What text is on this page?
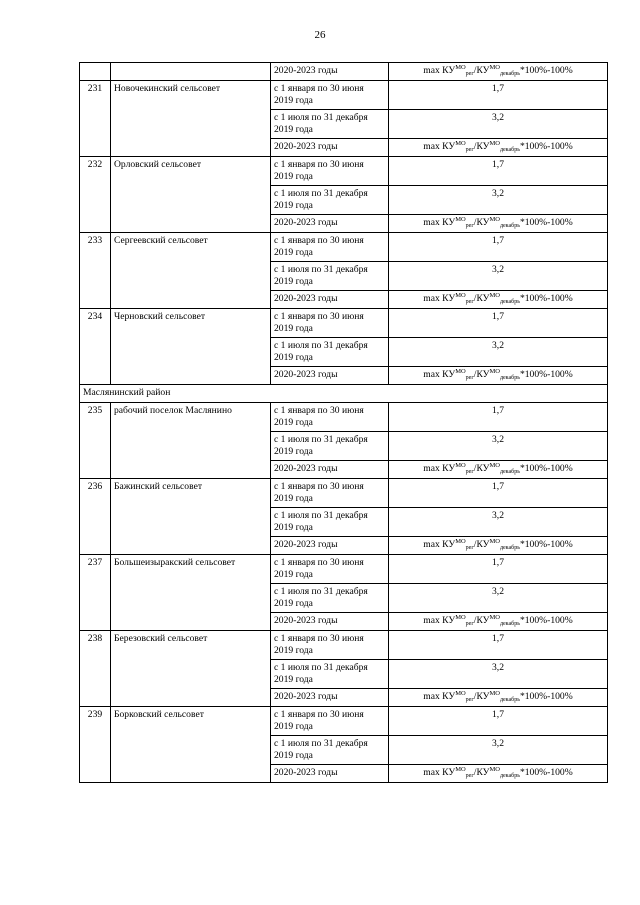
26
		2020-2023 годы	$\max КУ^{МО}_{рег}/КУ^{МО}_{декабрь}*100\%-100\%$
231	Новочекинский сельсовет	с 1 января по 30 июня 2019 года	1,7
		с 1 июля по 31 декабря 2019 года	3,2
		2020-2023 годы	$\max КУ^{МО}_{рег}/КУ^{МО}_{декабрь}*100\%-100\%$
232	Орловский сельсовет	с 1 января по 30 июня 2019 года	1,7
		с 1 июля по 31 декабря 2019 года	3,2
		2020-2023 годы	$\max КУ^{МО}_{рег}/КУ^{МО}_{декабрь}*100\%-100\%$
233	Сергеевский сельсовет	с 1 января по 30 июня 2019 года	1,7
		с 1 июля по 31 декабря 2019 года	3,2
		2020-2023 годы	$\max КУ^{МО}_{рег}/КУ^{МО}_{декабрь}*100\%-100\%$
234	Черновский сельсовет	с 1 января по 30 июня 2019 года	1,7
		с 1 июля по 31 декабря 2019 года	3,2
		2020-2023 годы	$\max КУ^{МО}_{рег}/КУ^{МО}_{декабрь}*100\%-100\%$
Маслянинский район			
235	рабочий поселок Маслянино	с 1 января по 30 июня 2019 года	1,7
		с 1 июля по 31 декабря 2019 года	3,2
		2020-2023 годы	$\max КУ^{МО}_{рег}/КУ^{МО}_{декабрь}*100\%-100\%$
236	Бажинский сельсовет	с 1 января по 30 июня 2019 года	1,7
		с 1 июля по 31 декабря 2019 года	3,2
		2020-2023 годы	$\max КУ^{МО}_{рег}/КУ^{МО}_{декабрь}*100\%-100\%$
237	Большеизыракский сельсовет	с 1 января по 30 июня 2019 года	1,7
		с 1 июля по 31 декабря 2019 года	3,2
		2020-2023 годы	$\max КУ^{МО}_{рег}/КУ^{МО}_{декабрь}*100\%-100\%$
238	Березовский сельсовет	с 1 января по 30 июня 2019 года	1,7
		с 1 июля по 31 декабря 2019 года	3,2
		2020-2023 годы	$\max КУ^{МО}_{рег}/КУ^{МО}_{декабрь}*100\%-100\%$
239	Борковский сельсовет	с 1 января по 30 июня 2019 года	1,7
		с 1 июля по 31 декабря 2019 года	3,2
		2020-2023 годы	$\max КУ^{МО}_{рег}/КУ^{МО}_{декабрь}*100\%-100\%$
